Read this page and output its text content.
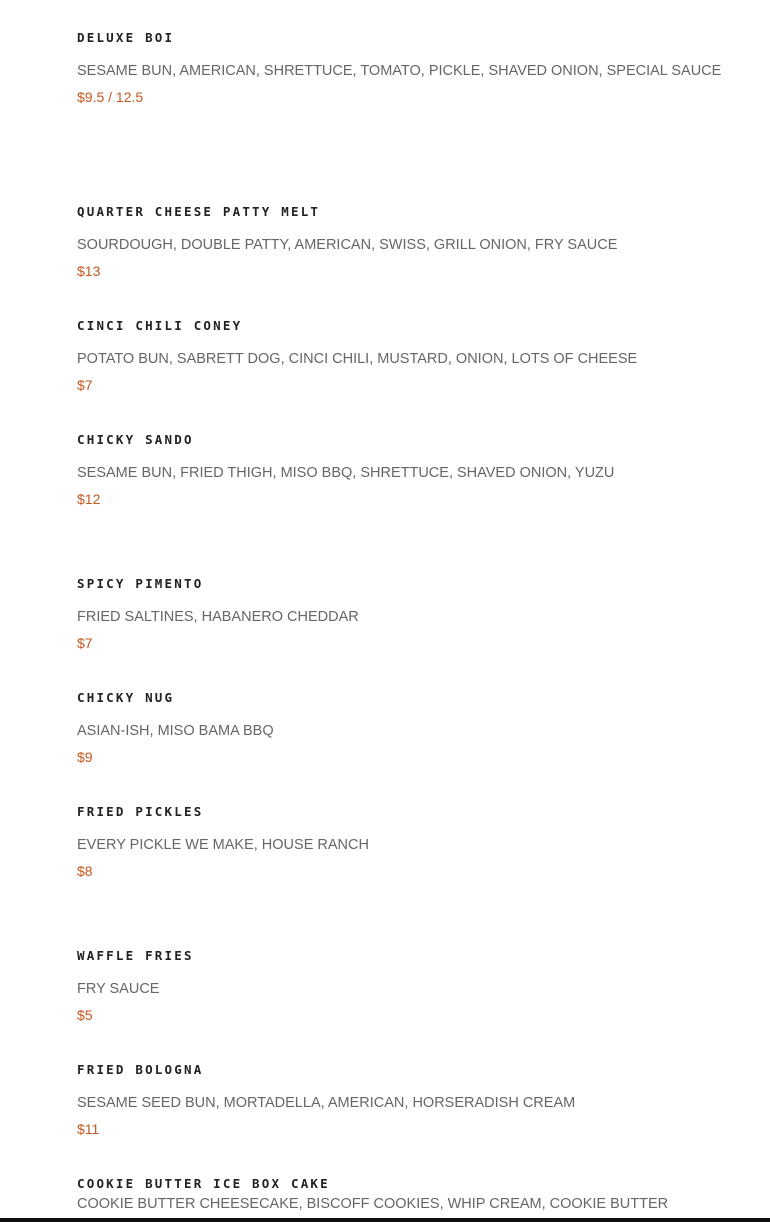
DELUXE BOI
SESAME BUN, AMERICAN, SHRETTUCE, TOMATO, PICKLE, SHAVED ONION, SPECIAL SAUCE
$9.5 / 12.5
QUARTER CHEESE PATTY MELT
SOURDOUGH, DOUBLE PATTY, AMERICAN, SWISS, GRILL ONION, FRY SAUCE
$13
CINCI CHILI CONEY
POTATO BUN, SABRETT DOG, CINCI CHILI, MUSTARD, ONION, LOTS OF CHEESE
$7
CHICKY SANDO
SESAME BUN, FRIED THIGH, MISO BBQ, SHRETTUCE, SHAVED ONION, YUZU
$12
SPICY PIMENTO
FRIED SALTINES, HABANERO CHEDDAR
$7
CHICKY NUG
ASIAN-ISH, MISO BAMA BBQ
$9
FRIED PICKLES
EVERY PICKLE WE MAKE, HOUSE RANCH
$8
WAFFLE FRIES
FRY SAUCE
$5
FRIED BOLOGNA
SESAME SEED BUN, MORTADELLA, AMERICAN, HORSERADISH CREAM
$11
COOKIE BUTTER ICE BOX CAKE
COOKIE BUTTER CHEESECAKE, BISCOFF COOKIES, WHIP CREAM, COOKIE BUTTER
